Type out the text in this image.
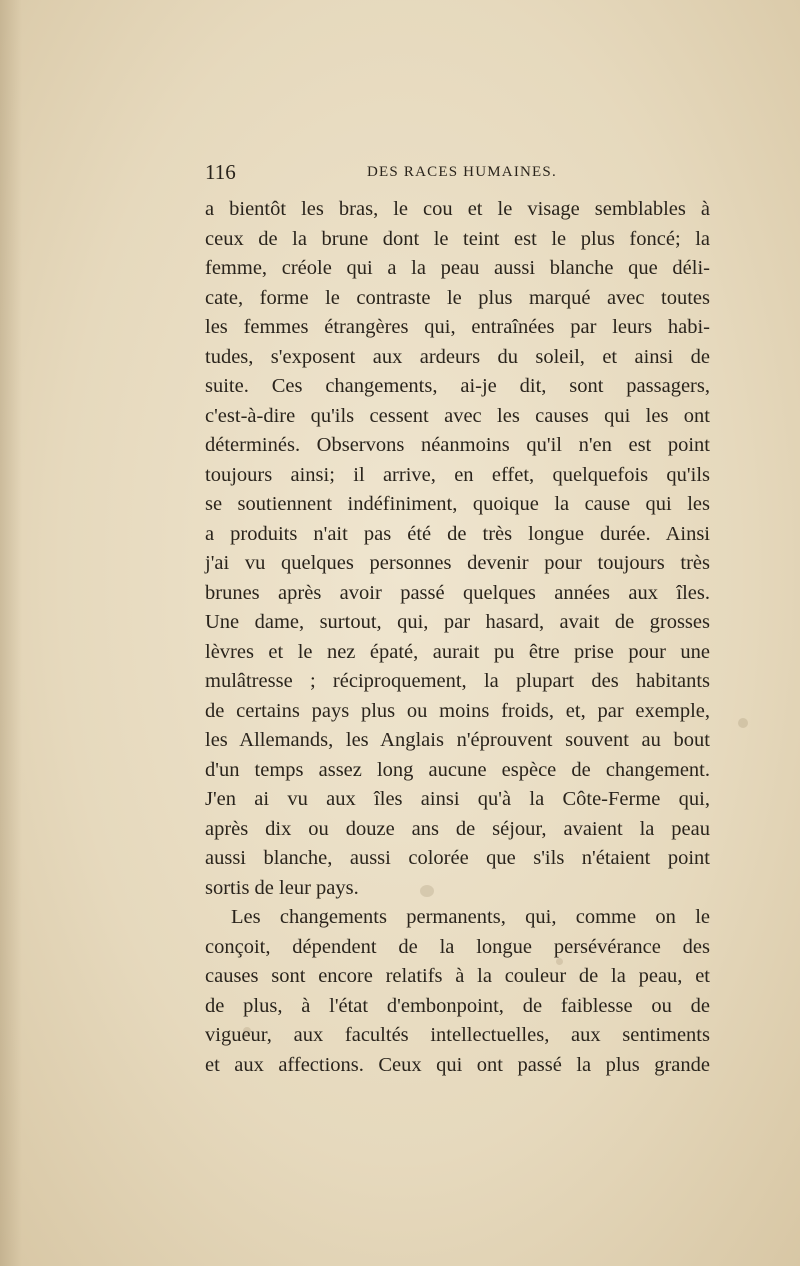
116	DES RACES HUMAINES.
a bientôt les bras, le cou et le visage semblables à
ceux de la brune dont le teint est le plus foncé; la
femme, créole qui a la peau aussi blanche que déli-
cate, forme le contraste le plus marqué avec toutes
les femmes étrangères qui, entraînées par leurs habi-
tudes, s'exposent aux ardeurs du soleil, et ainsi de
suite. Ces changements, ai-je dit, sont passagers,
c'est-à-dire qu'ils cessent avec les causes qui les ont
déterminés. Observons néanmoins qu'il n'en est point
toujours ainsi; il arrive, en effet, quelquefois qu'ils
se soutiennent indéfiniment, quoique la cause qui les
a produits n'ait pas été de très longue durée. Ainsi
j'ai vu quelques personnes devenir pour toujours très
brunes après avoir passé quelques années aux îles.
Une dame, surtout, qui, par hasard, avait de grosses
lèvres et le nez épaté, aurait pu être prise pour une
mulâtresse ; réciproquement, la plupart des habitants
de certains pays plus ou moins froids, et, par exemple,
les Allemands, les Anglais n'éprouvent souvent au bout
d'un temps assez long aucune espèce de changement.
J'en ai vu aux îles ainsi qu'à la Côte-Ferme qui,
après dix ou douze ans de séjour, avaient la peau
aussi blanche, aussi colorée que s'ils n'étaient point
sortis de leur pays.
Les changements permanents, qui, comme on le
conçoit, dépendent de la longue persévérance des
causes sont encore relatifs à la couleur de la peau, et
de plus, à l'état d'embonpoint, de faiblesse ou de
vigueur, aux facultés intellectuelles, aux sentiments
et aux affections. Ceux qui ont passé la plus grande
